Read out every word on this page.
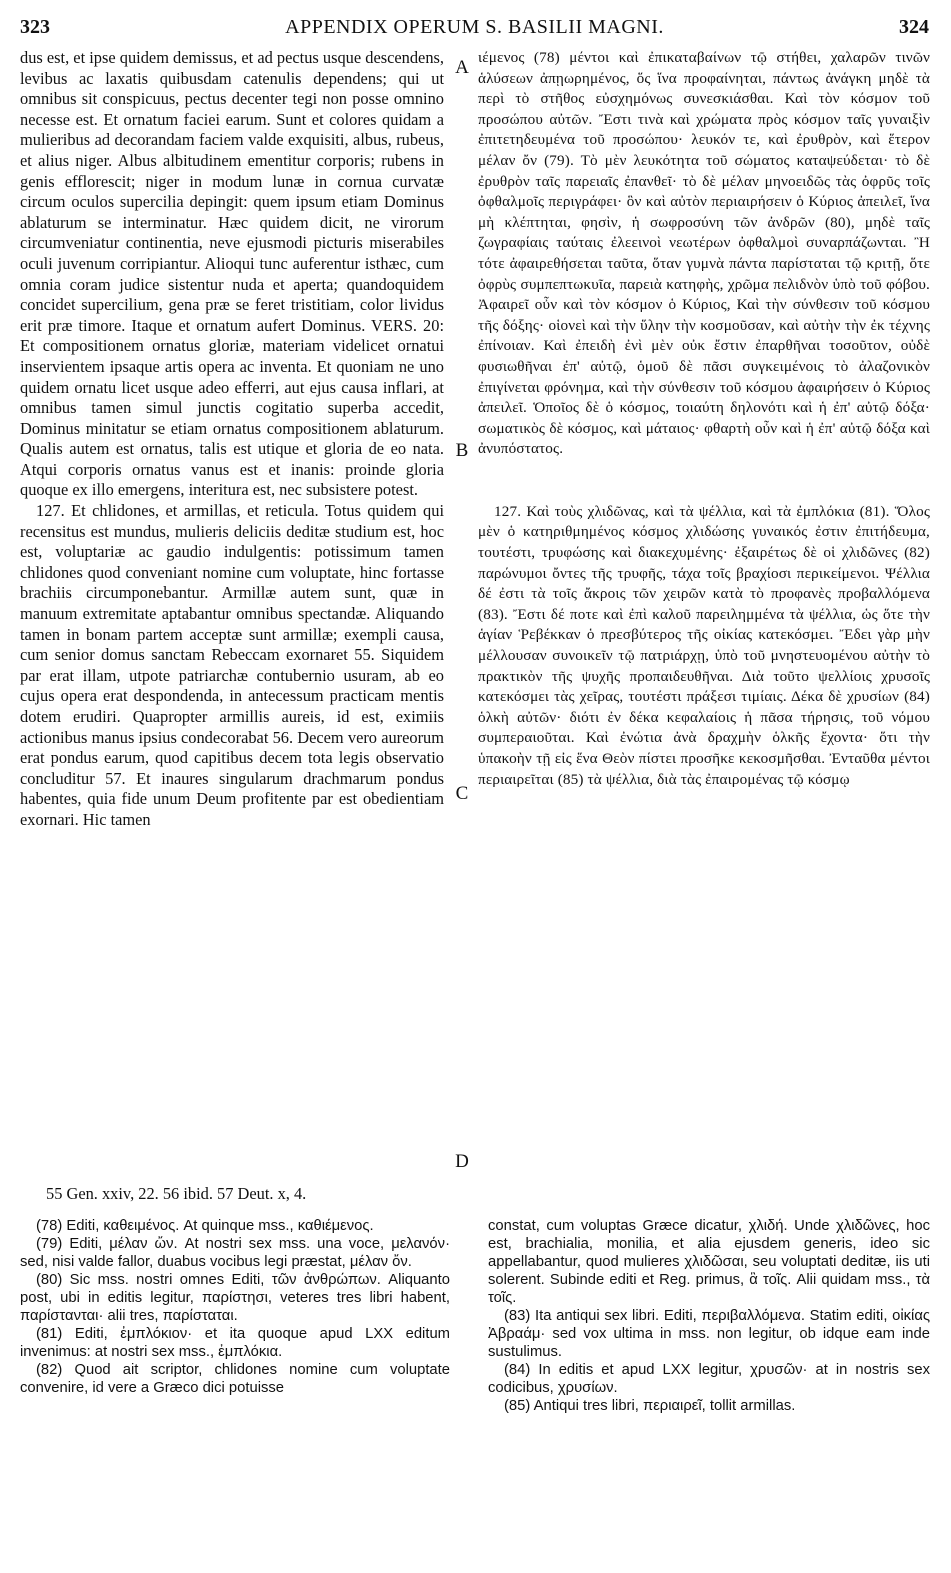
323	APPENDIX OPERUM S. BASILII MAGNI.	324

dus est, et ipse quidem demissus, et ad pectus usque descendens, levibus ac laxatis quibusdam catenulis dependens; qui ut omnibus sit conspicuus, pectus decenter tegi non posse omnino necesse est. Et ornatum faciei earum. Sunt et colores quidam a mulieribus ad decorandam faciem valde exquisiti, albus, rubeus, et alius niger. Albus albitudinem ementitur corporis; rubens in genis efflorescit; niger in modum lunæ in cornua curvatæ circum oculos supercilia depingit: quem ipsum etiam Dominus ablaturum se interminatur. Hæc quidem dicit, ne virorum circumveniatur continentia, neve ejusmodi picturis miserabiles oculi juvenum corripiantur. Alioqui tunc auferentur isthæc, cum omnia coram judice sistentur nuda et aperta; quandoquidem concidet supercilium, gena præ se feret tristitiam, color lividus erit præ timore. Itaque et ornatum aufert Dominus. VERS. 20: Et compositionem ornatus gloriæ, materiam videlicet ornatui inservientem ipsaque artis opera ac inventa. Et quoniam ne uno quidem ornatu licet usque adeo efferri, aut ejus causa inflari, at omnibus tamen simul junctis cogitatio superba accedit, Dominus minitatur se etiam ornatus compositionem ablaturum. Qualis autem est ornatus, talis est utique et gloria de eo nata. Atqui corporis ornatus vanus est et inanis: proinde gloria quoque ex illo emergens, interitura est, nec subsistere potest.

127. Et chlidones, et armillas, et reticula. Totus quidem qui recensitus est mundus, mulieris deliciis deditæ studium est, hoc est, voluptariæ ac gaudio indulgentis: potissimum tamen chlidones quod conveniant nomine cum voluptate, hinc fortasse brachiis circumponebantur. Armillæ autem sunt, quæ in manuum extremitate aptabantur omnibus spectandæ. Aliquando tamen in bonam partem acceptæ sunt armillæ; exempli causa, cum senior domus sanctam Rebeccam exornaret 55. Siquidem par erat illam, utpote patriarchæ contubernio usuram, ab eo cujus opera erat despondenda, in antecessum practicam mentis dotem erudiri. Quapropter armillis aureis, id est, eximiis actionibus manus ipsius condecorabat 56. Decem vero aureorum erat pondus earum, quod capitibus decem tota legis observatio concluditur 57. Et inaures singularum drachmarum pondus habentes, quia fide unum Deum profitente par est obedientiam exornari. Hic tamen

A
B
C
D

ιέμενος (78) μέντοι καὶ ἐπικαταβαίνων τῷ στήθει, χαλαρῶν τινῶν ἁλύσεων ἀπῃωρημένος, ὅς ἵνα προφαίνηται, πάντως ἀνάγκη μηδὲ τὰ περὶ τὸ στῆθος εὐσχημόνως συνεσκιάσθαι. Καὶ τὸν κόσμον τοῦ προσώπου αὐτῶν. Ἔστι τινὰ καὶ χρώματα πρὸς κόσμον ταῖς γυναιξὶν ἐπιτετηδευμένα τοῦ προσώπου· λευκόν τε, καὶ ἐρυθρὸν, καὶ ἕτερον μέλαν ὄν (79). Τὸ μὲν λευκότητα τοῦ σώματος καταψεύδεται· τὸ δὲ ἐρυθρὸν ταῖς παρειαῖς ἐπανθεῖ· τὸ δὲ μέλαν μηνοειδῶς τὰς ὀφρῦς τοῖς ὀφθαλμοῖς περιγράφει· ὃν καὶ αὐτὸν περιαιρήσειν ὁ Κύριος ἀπειλεῖ, ἵνα μὴ κλέπτηται, φησὶν, ἡ σωφροσύνη τῶν ἀνδρῶν (80), μηδὲ ταῖς ζωγραφίαις ταύταις ἐλεεινοὶ νεωτέρων ὀφθαλμοὶ συναρπάζωνται. Ἢ τότε ἀφαιρεθήσεται ταῦτα, ὅταν γυμνὰ πάντα παρίσταται τῷ κριτῇ, ὅτε ὀφρὺς συμπεπτωκυῖα, παρειὰ κατηφὴς, χρῶμα πελιδνὸν ὑπὸ τοῦ φόβου. Ἀφαιρεῖ οὖν καὶ τὸν κόσμον ὁ Κύριος, Καὶ τὴν σύνθεσιν τοῦ κόσμου τῆς δόξης· οἱονεὶ καὶ τὴν ὕλην τὴν κοσμοῦσαν, καὶ αὐτὴν τὴν ἐκ τέχνης ἐπίνοιαν. Καὶ ἐπειδὴ ἐνὶ μὲν οὐκ ἔστιν ἐπαρθῆναι τοσοῦτον, οὐδὲ φυσιωθῆναι ἐπ' αὐτῷ, ὁμοῦ δὲ πᾶσι συγκειμένοις τὸ ἀλαζονικὸν ἐπιγίνεται φρόνημα, καὶ τὴν σύνθεσιν τοῦ κόσμου ἀφαιρήσειν ὁ Κύριος ἀπειλεῖ. Ὁποῖος δὲ ὁ κόσμος, τοιαύτη δηλονότι καὶ ἡ ἐπ' αὐτῷ δόξα· σωματικὸς δὲ κόσμος, καὶ μάταιος· φθαρτὴ οὖν καὶ ἡ ἐπ' αὐτῷ δόξα καὶ ἀνυπόστατος.

127. Καὶ τοὺς χλιδῶνας, καὶ τὰ ψέλλια, καὶ τὰ ἐμπλόκια (81). Ὅλος μὲν ὁ κατηριθμημένος κόσμος χλιδώσης γυναικός ἐστιν ἐπιτήδευμα, τουτέστι, τρυφώσης καὶ διακεχυμένης· ἐξαιρέτως δὲ οἱ χλιδῶνες (82) παρώνυμοι ὄντες τῆς τρυφῆς, τάχα τοῖς βραχίοσι περικείμενοι. Ψέλλια δέ ἐστι τὰ τοῖς ἄκροις τῶν χειρῶν κατὰ τὸ προφανὲς προβαλλόμενα (83). Ἔστι δέ ποτε καὶ ἐπὶ καλοῦ παρειλημμένα τὰ ψέλλια, ὡς ὅτε τὴν ἁγίαν Ῥεβέκκαν ὁ πρεσβύτερος τῆς οἰκίας κατεκόσμει. Ἔδει γὰρ μὴν μέλλουσαν συνοικεῖν τῷ πατριάρχῃ, ὑπὸ τοῦ μνηστευομένου αὐτὴν τὸ πρακτικὸν τῆς ψυχῆς προπαιδευθῆναι. Διὰ τοῦτο ψελλίοις χρυσοῖς κατεκόσμει τὰς χεῖρας, τουτέστι πράξεσι τιμίαις. Δέκα δὲ χρυσίων (84) ὁλκὴ αὐτῶν· διότι ἐν δέκα κεφαλαίοις ἡ πᾶσα τήρησις, τοῦ νόμου συμπεραιοῦται. Καὶ ἐνώτια ἀνὰ δραχμὴν ὁλκῆς ἔχοντα· ὅτι τὴν ὑπακοὴν τῇ εἰς ἕνα Θεὸν πίστει προσῆκε κεκοσμῆσθαι. Ἐνταῦθα μέντοι περιαιρεῖται (85) τὰ ψέλλια, διὰ τὰς ἐπαιρομένας τῷ κόσμῳ

55 Gen. xxiv, 22. 56 ibid. 57 Deut. x, 4.

(78) Editi, καθειμένος. At quinque mss., καθιέμενος.

(79) Editi, μέλαν ὤν. At nostri sex mss. una voce, μελανόν· sed, nisi valde fallor, duabus vocibus legi præstat, μέλαν ὄν.

(80) Sic mss. nostri omnes Editi, τῶν ἀνθρώπων. Aliquanto post, ubi in editis legitur, παρίστησι, veteres tres libri habent, παρίστανται· alii tres, παρίσταται.

(81) Editi, ἐμπλόκιον· et ita quoque apud LXX editum invenimus: at nostri sex mss., ἐμπλόκια.

(82) Quod ait scriptor, chlidones nomine cum voluptate convenire, id vere a Græco dici potuisse

constat, cum voluptas Græce dicatur, χλιδή. Unde χλιδῶνες, hoc est, brachialia, monilia, et alia ejusdem generis, ideo sic appellabantur, quod mulieres χλιδῶσαι, seu voluptati deditæ, iis uti solerent. Subinde editi et Reg. primus, ἃ τοῖς. Alii quidam mss., τὰ τοῖς.

(83) Ita antiqui sex libri. Editi, περιβαλλόμενα. Statim editi, οἰκίας Ἀβραάμ· sed vox ultima in mss. non legitur, ob idque eam inde sustulimus.

(84) In editis et apud LXX legitur, χρυσῶν· at in nostris sex codicibus, χρυσίων.

(85) Antiqui tres libri, περιαιρεῖ, tollit armillas.
